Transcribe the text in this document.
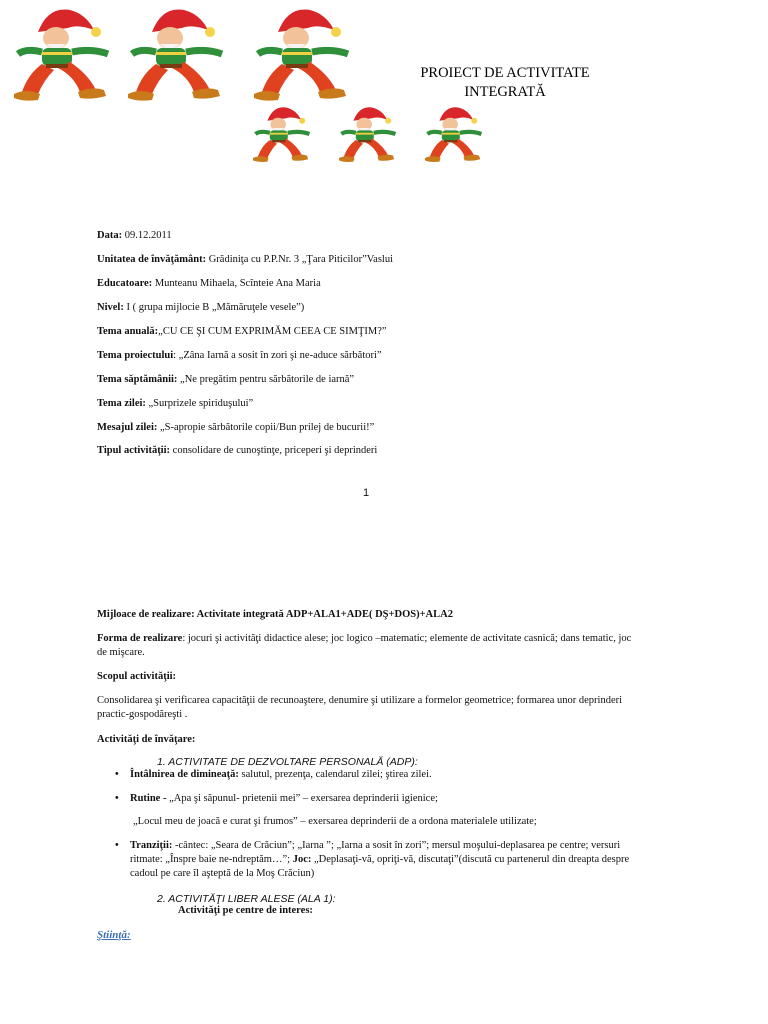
PROIECT DE ACTIVITATE
INTEGRATĂ
Data: 09.12.2011
Unitatea de învăţământ: Grădiniţa cu P.P.Nr. 3 „Ţara Piticilor”Vaslui
Educatoare: Munteanu Mihaela, Scînteie Ana Maria
Nivel: I ( grupa mijlocie B „Mămăruţele vesele”)
Tema anuală:„CU CE ŞI CUM EXPRIMĂM CEEA CE SIMŢIM?”
Tema proiectului: „Zâna Iarnă a sosit în zori şi ne-aduce sărbători”
Tema săptămânii: „Ne pregătim pentru sărbătorile de iarnă”
Tema zilei: „Surprizele spiriduşului”
Mesajul zilei: „S-apropie sărbătorile copii/Bun prilej de bucurii!”
Tipul activităţii: consolidare de cunoştinţe, priceperi şi deprinderi
1
Mijloace de realizare: Activitate integrată ADP+ALA1+ADE( DŞ+DOS)+ALA2
Forma de realizare: jocuri şi activităţi didactice alese; joc logico –matematic; elemente de activitate casnică; dans tematic, joc de mişcare.
Scopul activităţii:
Consolidarea şi verificarea capacităţii de recunoaştere, denumire şi utilizare a formelor geometrice; formarea unor deprinderi practic-gospodăreşti .
Activităţi de învăţare:
1. ACTIVITATE DE DEZVOLTARE PERSONALĂ (ADP):
• Întâlnirea de dimineaţă: salutul, prezenţa, calendarul zilei; ştirea zilei.
• Rutine - „Apa şi săpunul- prietenii mei” – exersarea deprinderii igienice;
„Locul meu de joacă e curat şi frumos” – exersarea deprinderii de a ordona materialele utilizate;
• Tranziţii: -cântec: „Seara de Crăciun”; „Iarna ”; „Iarna a sosit în zori”; mersul moşului-deplasarea pe centre; versuri ritmate: „Înspre baie ne-ndreptăm…”; Joc: „Deplasaţi-vă, opriţi-vă, discutaţi”(discută cu partenerul din dreapta despre cadoul pe care îl aşteptă de la Moş Crăciun)
2. ACTIVITĂŢI LIBER ALESE (ALA 1):
Activităţi pe centre de interes:
Ştiinţă:
